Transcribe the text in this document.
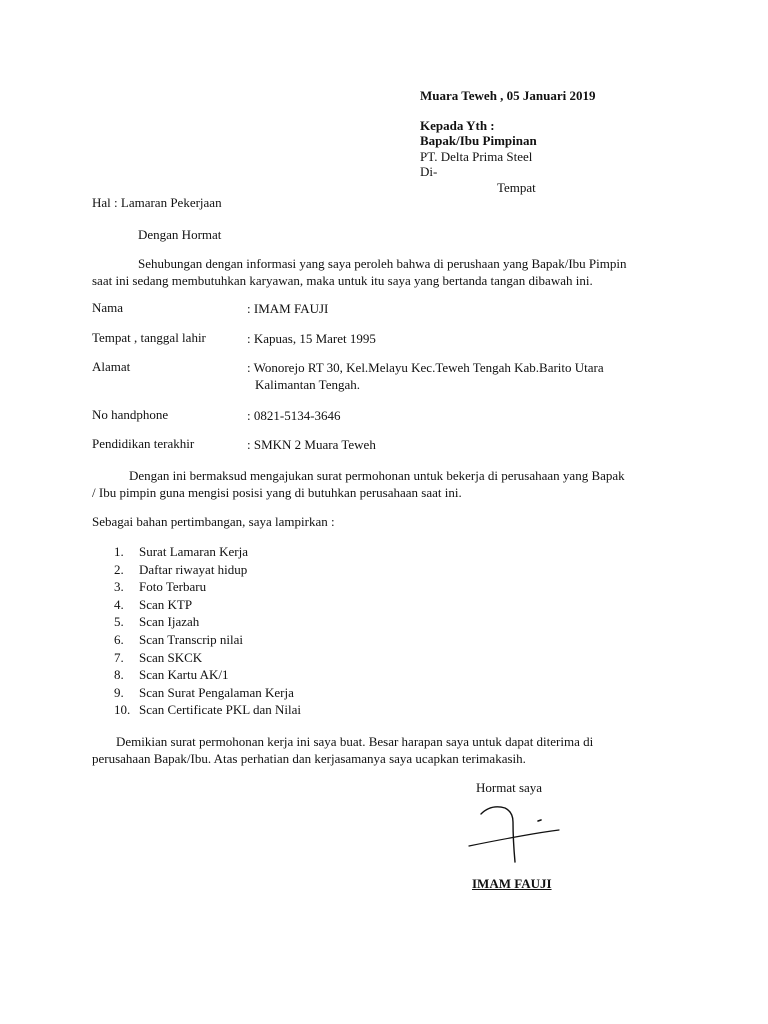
Muara Teweh , 05 Januari 2019
Kepada Yth :
Bapak/Ibu Pimpinan
PT. Delta Prima Steel
Di-
Tempat
Hal : Lamaran Pekerjaan
Dengan Hormat
Sehubungan dengan informasi yang saya peroleh bahwa di perushaan yang Bapak/Ibu Pimpin
saat ini sedang membutuhkan karyawan, maka untuk itu saya yang bertanda tangan dibawah ini.
Nama	: IMAM FAUJI
Tempat , tanggal lahir	: Kapuas, 15 Maret 1995
Alamat	: Wonorejo RT 30, Kel.Melayu Kec.Teweh Tengah Kab.Barito Utara
Kalimantan Tengah.
No handphone	: 0821-5134-3646
Pendidikan terakhir	: SMKN 2 Muara Teweh
Dengan ini bermaksud mengajukan surat permohonan untuk bekerja di perusahaan yang Bapak
/ Ibu pimpin guna mengisi posisi yang di butuhkan perusahaan saat ini.
Sebagai bahan pertimbangan, saya lampirkan :
1. Surat Lamaran Kerja
2. Daftar riwayat hidup
3. Foto Terbaru
4. Scan KTP
5. Scan Ijazah
6. Scan Transcrip nilai
7. Scan SKCK
8. Scan Kartu AK/1
9. Scan Surat Pengalaman Kerja
10. Scan Certificate PKL dan Nilai
Demikian surat permohonan kerja ini saya buat. Besar harapan saya untuk dapat diterima di
perusahaan Bapak/Ibu. Atas perhatian dan kerjasamanya saya ucapkan terimakasih.
Hormat saya
IMAM FAUJI
